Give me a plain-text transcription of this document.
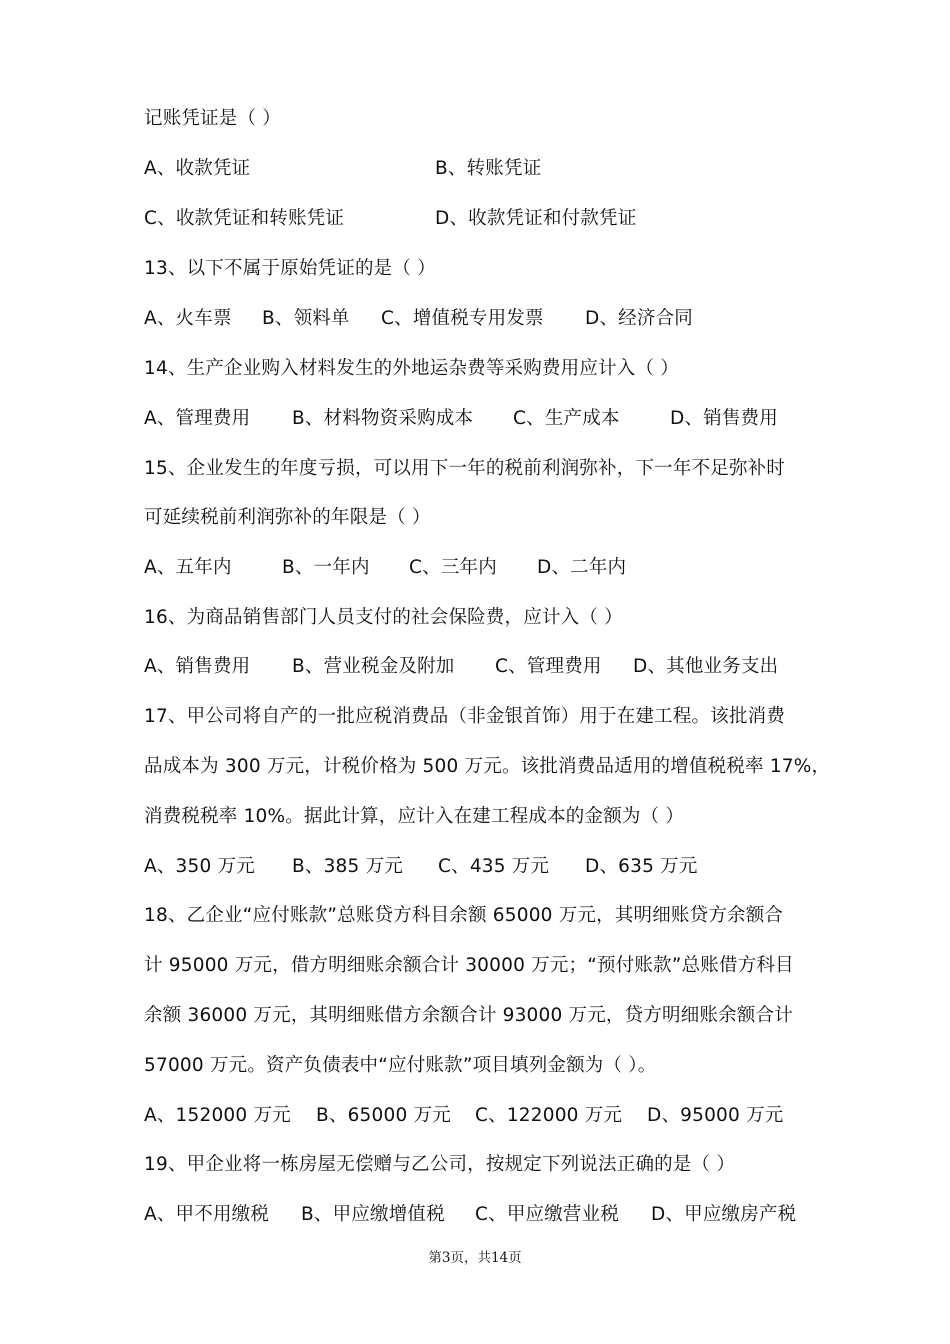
记账凭证是（ ）
A、收款凭证	B、转账凭证
C、收款凭证和转账凭证	D、收款凭证和付款凭证
13、以下不属于原始凭证的是（ ）
A、火车票 B、领料单 C、增值税专用发票 D、经济合同
14、生产企业购入材料发生的外地运杂费等采购费用应计入（ ）
A、管理费用 B、材料物资采购成本 C、生产成本	D、销售费用
15、企业发生的年度亏损，可以用下一年的税前利润弥补，下一年不足弥补时
可延续税前利润弥补的年限是（ ）
A、五年内	B、一年内 C、三年内 D、二年内
16、为商品销售部门人员支付的社会保险费，应计入（ ）
A、销售费用 B、营业税金及附加 C、管理费用 D、其他业务支出
17、甲公司将自产的一批应税消费品（非金银首饰）用于在建工程。该批消费
品成本为 300 万元，计税价格为 500 万元。该批消费品适用的增值税税率 17%，
消费税税率 10%。据此计算，应计入在建工程成本的金额为（ ）
A、350 万元 B、385 万元 C、435 万元 D、635 万元
18、乙企业“应付账款”总账贷方科目余额 65000 万元，其明细账贷方余额合
计 95000 万元，借方明细账余额合计 30000 万元；“预付账款”总账借方科目
余额 36000 万元，其明细账借方余额合计 93000 万元，贷方明细账余额合计
57000 万元。资产负债表中“应付账款”项目填列金额为（ ）。
A、152000 万元 B、65000 万元 C、122000 万元 D、95000 万元
19、甲企业将一栋房屋无偿赠与乙公司，按规定下列说法正确的是（ ）
A、甲不用缴税 B、甲应缴增值税 C、甲应缴营业税 D、甲应缴房产税
第3页，共14页
